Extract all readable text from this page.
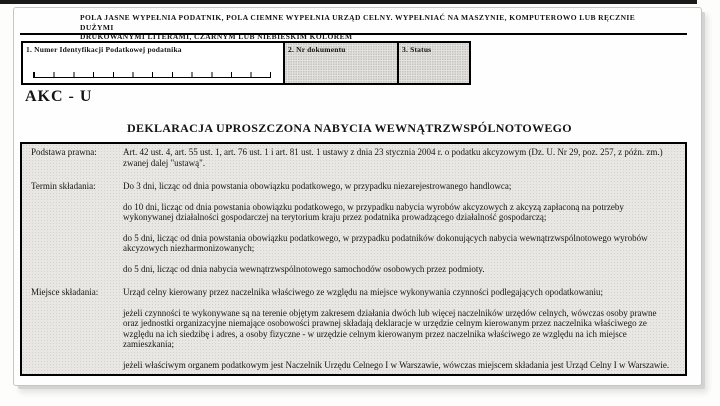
POLA JASNE WYPEŁNIA PODATNIK, POLA CIEMNE WYPEŁNIA URZĄD CELNY. WYPEŁNIAĆ NA MASZYNIE, KOMPUTEROWO LUB RĘCZNIE DUŻYMI
DRUKOWANYMI LITERAMI, CZARNYM LUB NIEBIESKIM KOLOREM
1. Numer Identyfikacji Podatkowej podatnika	2. Nr dokumentu	3. Status
AKC - U
DEKLARACJA UPROSZCZONA NABYCIA WEWNĄTRZWSPÓLNOTOWEGO
Podstawa prawna:	Art. 42 ust. 4, art. 55 ust. 1, art. 76 ust. 1 i art. 81 ust. 1 ustawy z dnia 23 stycznia 2004 r. o podatku akcyzowym (Dz. U. Nr 29, poz. 257, z późn. zm.) zwanej dalej "ustawą".

Termin składania:	Do 3 dni, licząc od dnia powstania obowiązku podatkowego, w przypadku niezarejestrowanego handlowca;

do 10 dni, licząc od dnia powstania obowiązku podatkowego, w przypadku nabycia wyrobów akcyzowych z akcyzą zapłaconą na potrzeby wykonywanej działalności gospodarczej na terytorium kraju przez podatnika prowadzącego działalność gospodarczą;

do 5 dni, licząc od dnia powstania obowiązku podatkowego, w przypadku podatników dokonujących nabycia wewnątrzwspólnotowego wyrobów akcyzowych niezharmonizowanych;

do 5 dni, licząc od dnia nabycia wewnątrzwspólnotowego samochodów osobowych przez podmioty.

Miejsce składania:	Urząd celny kierowany przez naczelnika właściwego ze względu na miejsce wykonywania czynności podlegających opodatkowaniu;

jeżeli czynności te wykonywane są na terenie objętym zakresem działania dwóch lub więcej naczelników urzędów celnych, wówczas osoby prawne oraz jednostki organizacyjne niemające osobowości prawnej składają deklaracje w urzędzie celnym kierowanym przez naczelnika właściwego ze względu na ich siedzibę i adres, a osoby fizyczne - w urzędzie celnym kierowanym przez naczelnika właściwego ze względu na ich miejsce zamieszkania;

jeżeli właściwym organem podatkowym jest Naczelnik Urzędu Celnego I w Warszawie, wówczas miejscem składania jest Urząd Celny I w Warszawie.
